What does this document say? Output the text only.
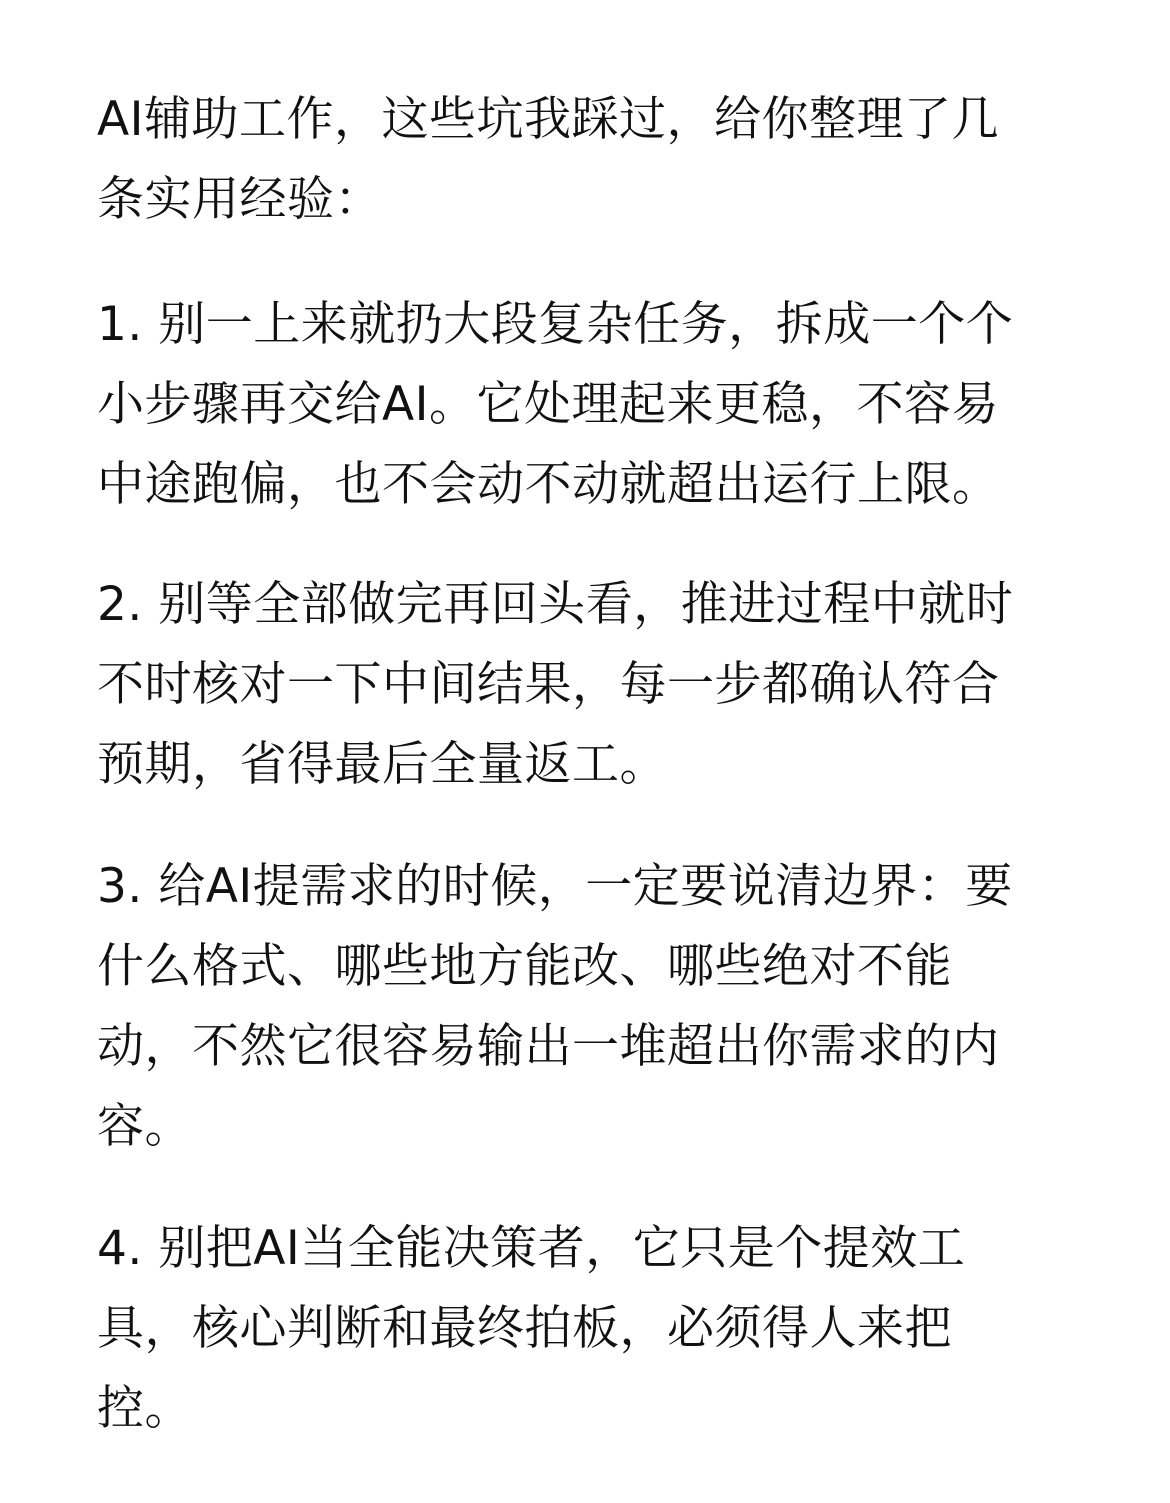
AI辅助工作，这些坑我踩过，给你整理了几
条实用经验：

1. 别一上来就扔大段复杂任务，拆成一个个
小步骤再交给AI。它处理起来更稳，不容易
中途跑偏，也不会动不动就超出运行上限。

2. 别等全部做完再回头看，推进过程中就时
不时核对一下中间结果，每一步都确认符合
预期，省得最后全量返工。

3. 给AI提需求的时候，一定要说清边界：要
什么格式、哪些地方能改、哪些绝对不能
动，不然它很容易输出一堆超出你需求的内
容。

4. 别把AI当全能决策者，它只是个提效工
具，核心判断和最终拍板，必须得人来把
控。
